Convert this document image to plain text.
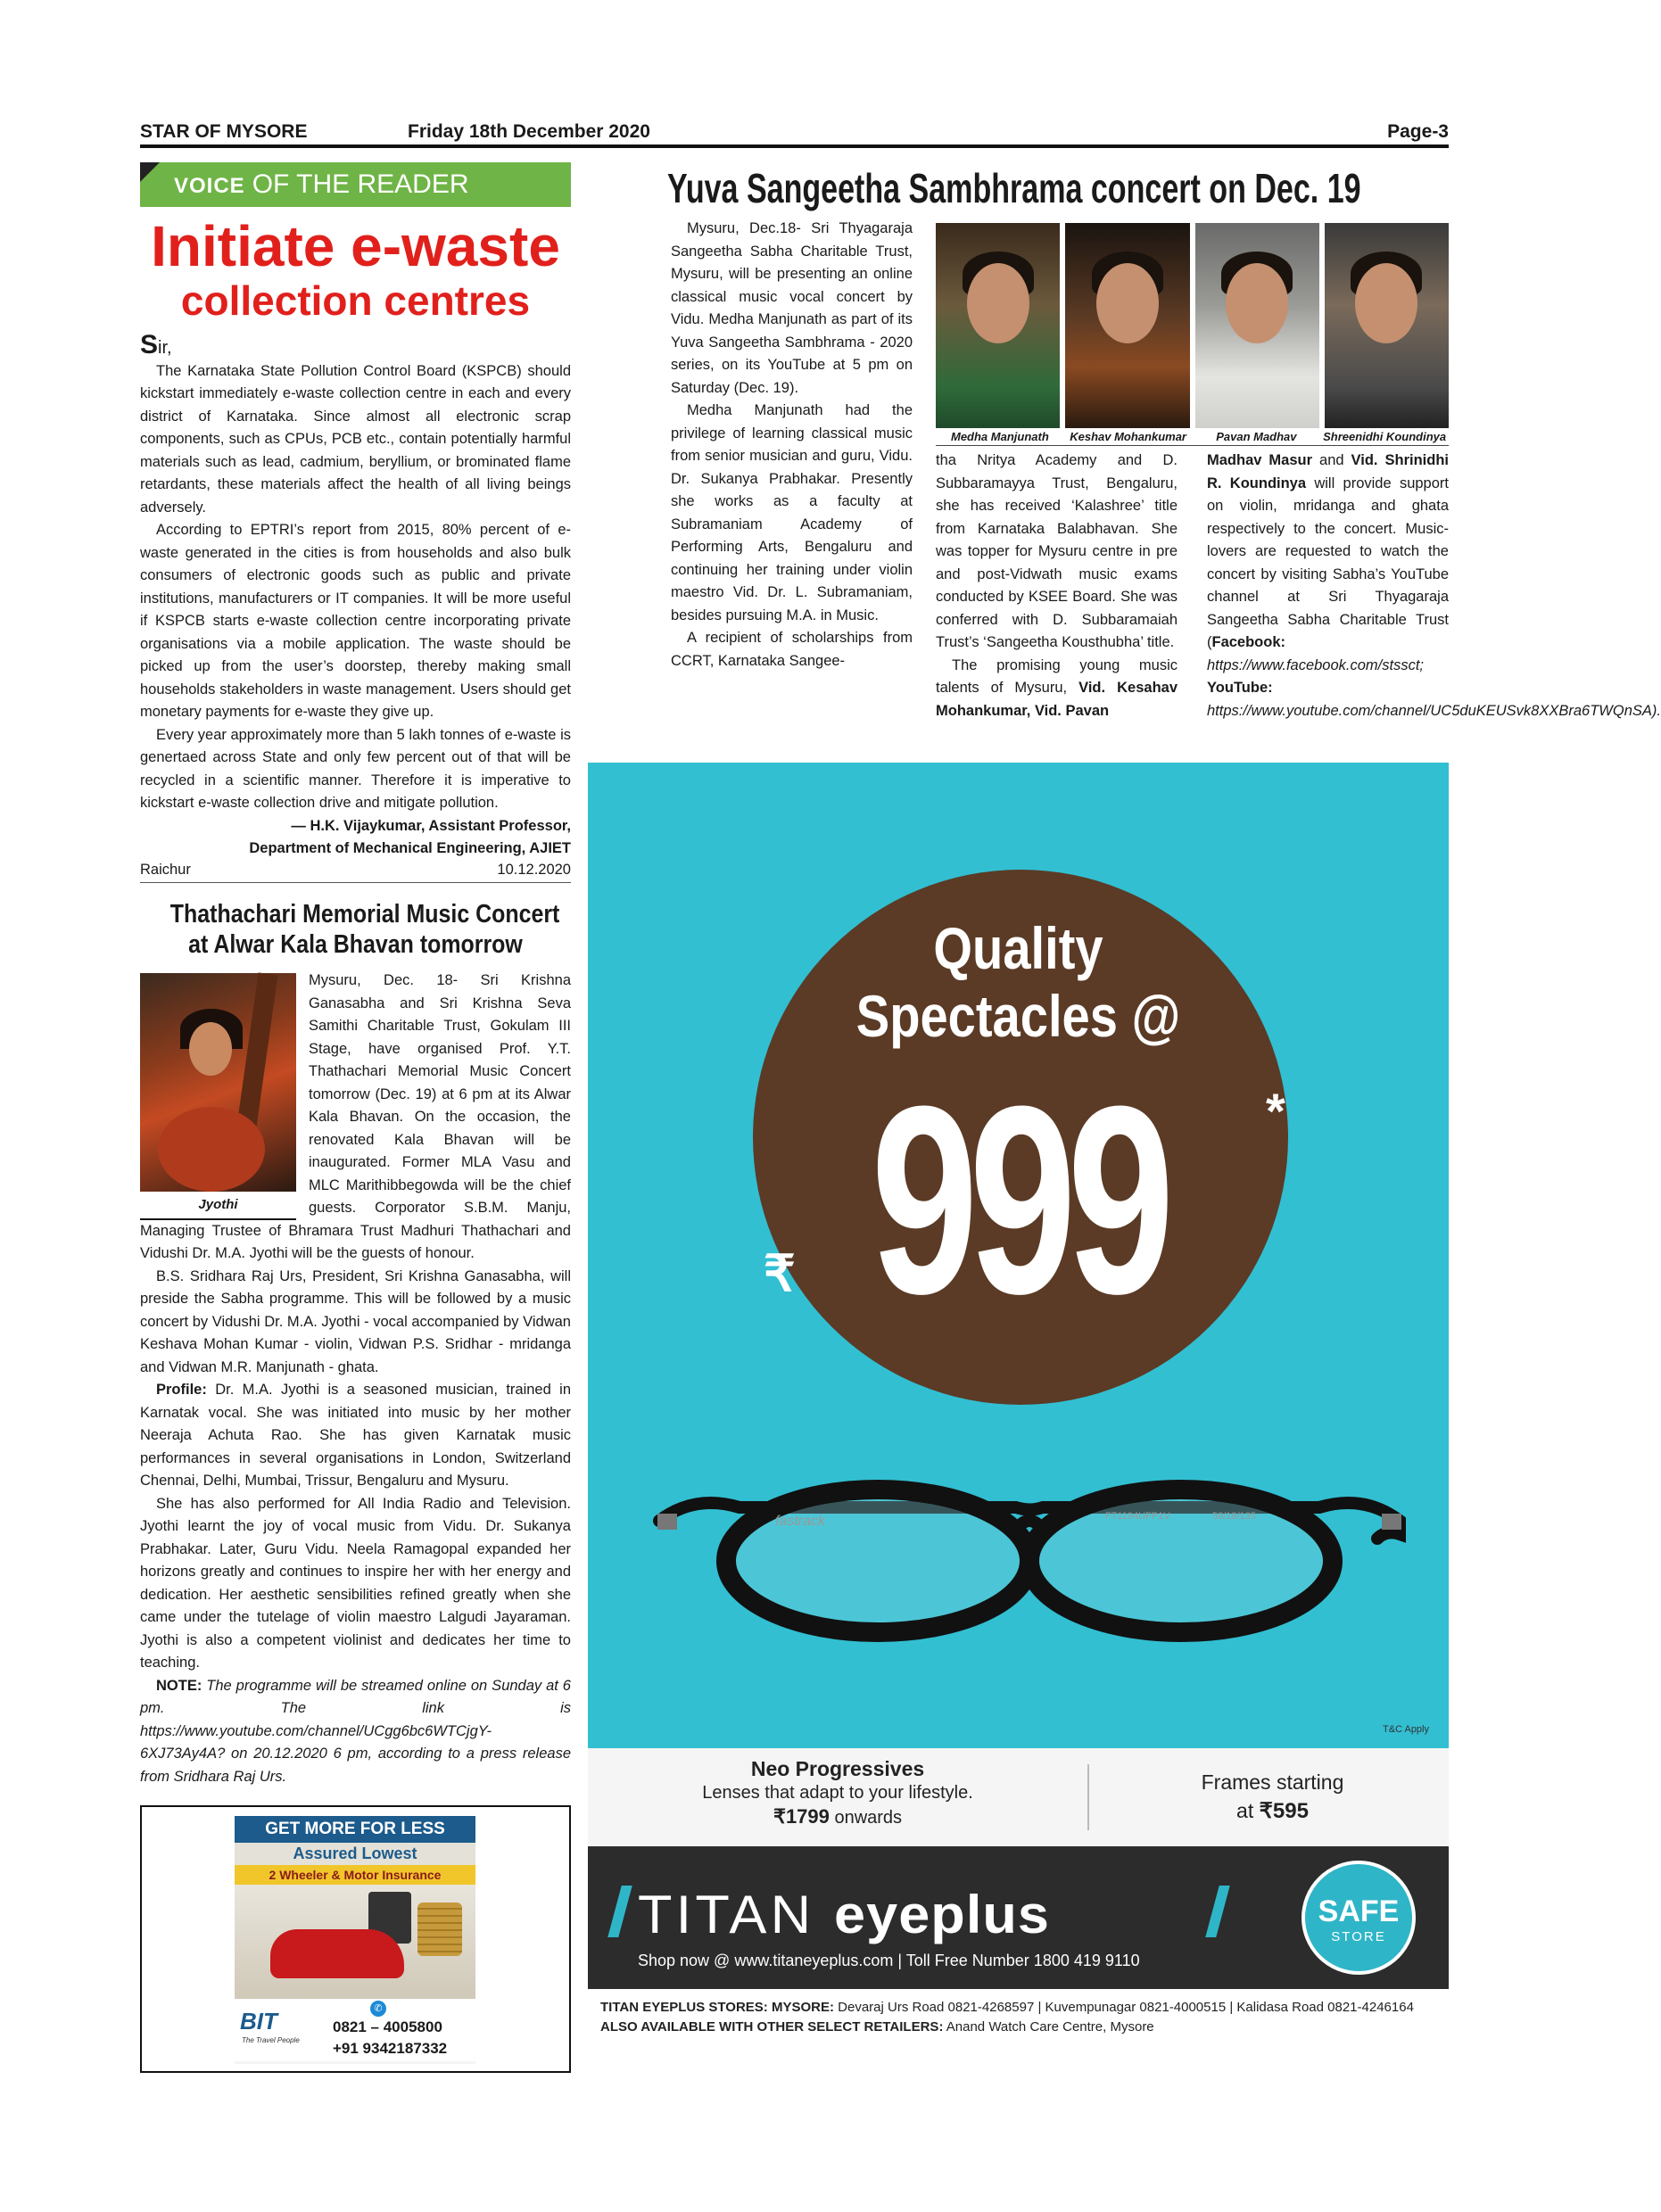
STAR OF MYSORE	Friday 18th December 2020	Page-3
VOICE OF THE READER
Initiate e-waste
collection centres
Sir,

The Karnataka State Pollution Control Board (KSPCB) should kickstart immediately e-waste collection centre in each and every district of Karnataka. Since almost all electronic scrap components, such as CPUs, PCB etc., contain potentially harmful materials such as lead, cadmium, beryllium, or brominated flame retardants, these materials affect the health of all living beings adversely.

According to EPTRI’s report from 2015, 80% percent of e-waste generated in the cities is from households and also bulk consumers of electronic goods such as public and private institutions, manufacturers or IT companies. It will be more useful if KSPCB starts e-waste collection centre incorporating private organisations via a mobile application. The waste should be picked up from the user’s doorstep, thereby making small households stakeholders in waste management. Users should get monetary payments for e-waste they give up.

Every year approximately more than 5 lakh tonnes of e-waste is genertaed across State and only few percent out of that will be recycled in a scientific manner. Therefore it is imperative to kickstart e-waste collection drive and mitigate pollution.

— H.K. Vijaykumar, Assistant Professor,
Department of Mechanical Engineering, AJIET
Raichur	10.12.2020
Thathachari Memorial Music Concert
at Alwar Kala Bhavan tomorrow
Jyothi

Mysuru, Dec. 18- Sri Krishna Ganasabha and Sri Krishna Seva Samithi Charitable Trust, Gokulam III Stage, have organised Prof. Y.T. Thathachari Memorial Music Concert tomorrow (Dec. 19) at 6 pm at its Alwar Kala Bhavan. On the occasion, the renovated Kala Bhavan will be inaugurated. Former MLA Vasu and MLC Marithibbegowda will be the chief guests. Corporator S.B.M. Manju, Managing Trustee of Bhramara Trust Madhuri Thathachari and Vidushi Dr. M.A. Jyothi will be the guests of honour.

B.S. Sridhara Raj Urs, President, Sri Krishna Ganasabha, will preside the Sabha programme. This will be followed by a music concert by Vidushi Dr. M.A. Jyothi - vocal accompanied by Vidwan Keshava Mohan Kumar - violin, Vidwan P.S. Sridhar - mridanga and Vidwan M.R. Manjunath - ghata.

Profile: Dr. M.A. Jyothi is a seasoned musician, trained in Karnatak vocal. She was initiated into music by her mother Neeraja Achuta Rao. She has given Karnatak music performances in several organisations in London, Switzerland Chennai, Delhi, Mumbai, Trissur, Bengaluru and Mysuru.

She has also performed for All India Radio and Television. Jyothi learnt the joy of vocal music from Vidu. Dr. Sukanya Prabhakar. Later, Guru Vidu. Neela Ramagopal expanded her horizons greatly and continues to inspire her with her energy and dedication. Her aesthetic sensibilities refined greatly when she came under the tutelage of violin maestro Lalgudi Jayaraman. Jyothi is also a competent violinist and dedicates her time to teaching.

NOTE: The programme will be streamed online on Sunday at 6 pm. The link is https://www.youtube.com/channel/UCgg6bc6WTCjgY-6XJ73Ay4A? on 20.12.2020 6 pm, according to a press release from Sridhara Raj Urs.

GET MORE FOR LESS
Assured Lowest
2 Wheeler & Motor Insurance
BIT
The Travel People
✆
0821 – 4005800
+91 9342187332
Yuva Sangeetha Sambhrama concert on Dec. 19
Medha Manjunath	Keshav Mohankumar	Pavan Madhav	Shreenidhi Koundinya

Mysuru, Dec.18- Sri Thyagaraja Sangeetha Sabha Charitable Trust, Mysuru, will be presenting an online classical music vocal concert by Vidu. Medha Manjunath as part of its Yuva Sangeetha Sambhrama - 2020 series, on its YouTube at 5 pm on Saturday (Dec. 19).

Medha Manjunath had the privilege of learning classical music from senior musician and guru, Vidu. Dr. Sukanya Prabhakar. Presently she works as a faculty at Subramaniam Academy of Performing Arts, Bengaluru and continuing her training under violin maestro Vid. Dr. L. Subramaniam, besides pursuing M.A. in Music.

A recipient of scholarships from CCRT, Karnataka Sangee-

tha Nritya Academy and D. Subbaramayya Trust, Bengaluru, she has received ‘Kalashree’ title from Karnataka Balabhavan. She was topper for Mysuru centre in pre and post-Vidwath music exams conducted by KSEE Board. She was conferred with D. Subbaramaiah Trust’s ‘Sangeetha Kousthubha’ title.

The promising young music talents of Mysuru, Vid. Kesahav Mohankumar, Vid. Pavan

Madhav Masur and Vid. Shrinidhi R. Koundinya will provide support on violin, mridanga and ghata respectively to the concert. Music-lovers are requested to watch the concert by visiting Sabha’s YouTube channel at Sri Thyagaraja Sangeetha Sabha Charitable Trust (Facebook: https://www.facebook.com/stssct; YouTube: https://www.youtube.com/channel/UC5duKEUSvk8XXBra6TWQnSA).

Quality
Spectacles @
999
₹
*
fastrack	FT1194UFP1V	58/18/135
T&C Apply
Neo Progressives
Lenses that adapt to your lifestyle.
₹1799 onwards
Frames starting
at ₹595
TITAN eyeplus
Shop now @ www.titaneyeplus.com | Toll Free Number 1800 419 9110
SAFE
STORE
TITAN EYEPLUS STORES: MYSORE: Devaraj Urs Road 0821-4268597 | Kuvempunagar 0821-4000515 | Kalidasa Road 0821-4246164
ALSO AVAILABLE WITH OTHER SELECT RETAILERS: Anand Watch Care Centre, Mysore
